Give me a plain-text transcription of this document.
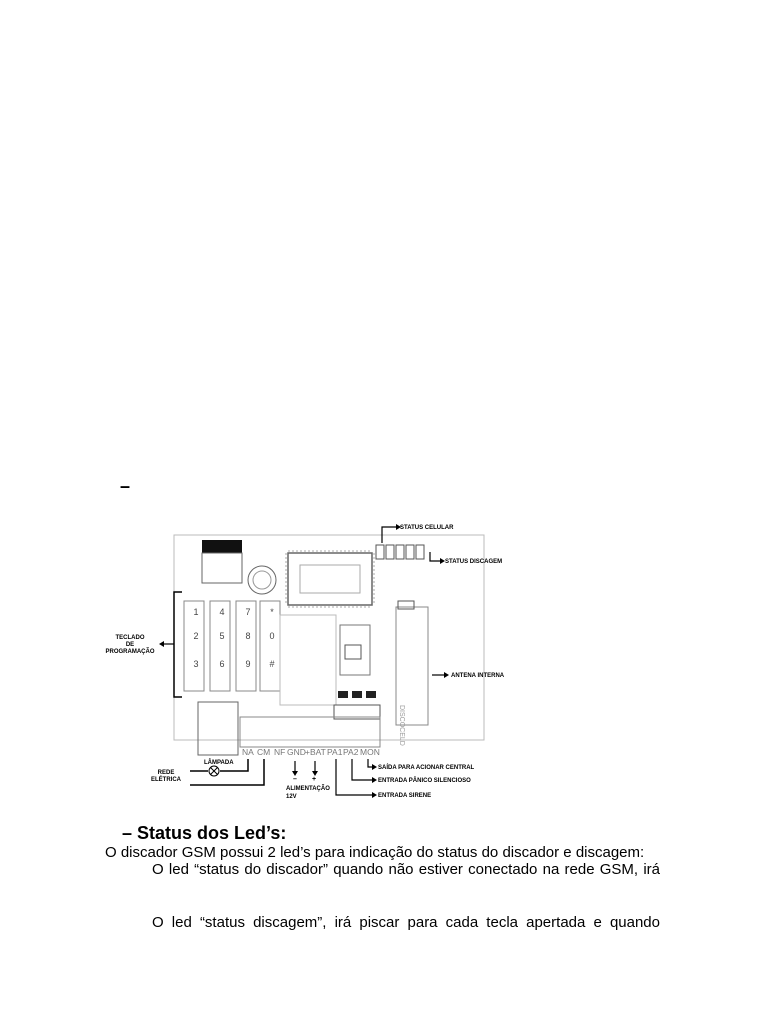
–
STATUS CELULAR
STATUS DISCAGEM
1 4 7 *
2 5 8 0
3 6 9 #
TECLADO
DE
PROGRAMAÇÃO
DISCOCELD
ANTENA INTERNA
NA CM NF GND +BAT PA1 PA2 MON
LÂMPADA
REDE
ELÉTRICA	– +
ALIMENTAÇÃO
12V
SAÍDA PARA ACIONAR CENTRAL
ENTRADA PÂNICO SILENCIOSO
ENTRADA SIRENE
– Status dos Led’s:
O discador GSM possui 2 led’s para indicação do status do discador e discagem:
O led “status do discador” quando não estiver conectado na rede GSM, irá
O led “status discagem”, irá piscar para cada tecla apertada e quando
